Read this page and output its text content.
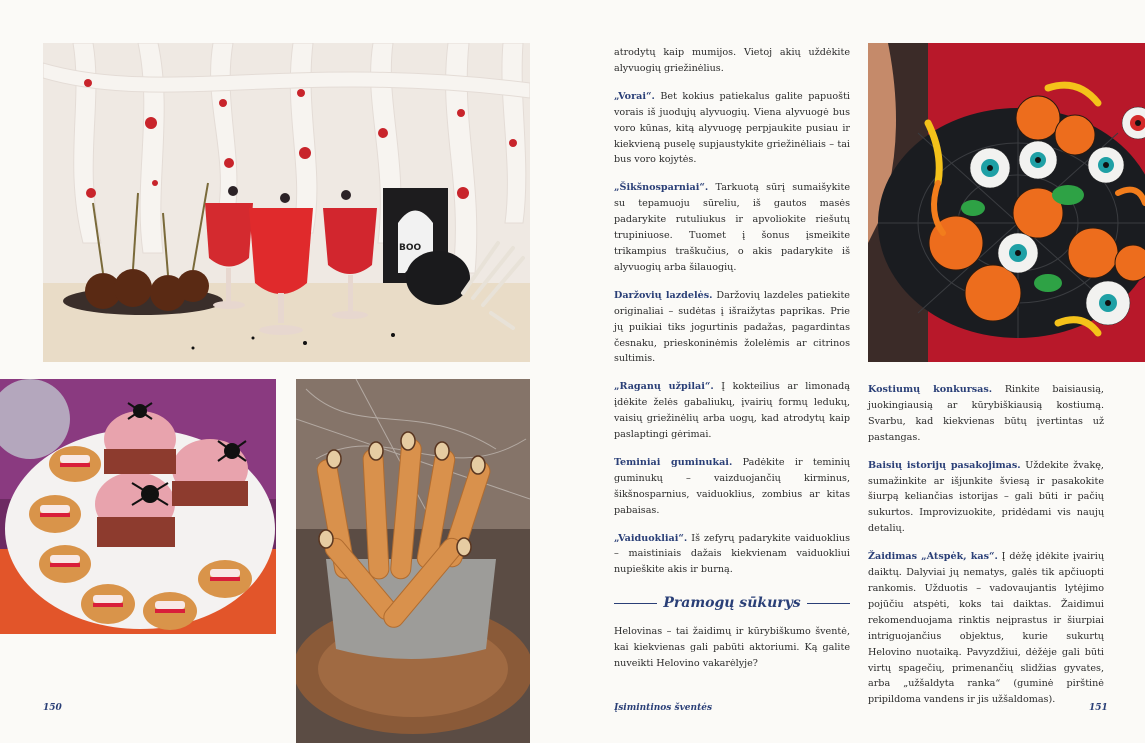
BOO

atrodytų kaip mumijos. Vietoj akių uždėkite alyvuogių griežinėlius.

„Vorai“. Bet kokius patiekalus galite papuošti vorais iš juodųjų alyvuogių. Viena alyvuogė bus voro kūnas, kitą alyvuogę perpjaukite pusiau ir kiekvieną puselę supjaustykite griežinėliais – tai bus voro kojytės.

„Šikšnosparniai“. Tarkuotą sūrį sumaišykite su tepamuoju sūreliu, iš gautos masės padarykite rutuliukus ir apvoliokite riešutų trupiniuose. Tuomet į šonus įsmeikite trikampius traškučius, o akis padarykite iš alyvuogių arba šilauogių.

Daržovių lazdelės. Daržovių lazdeles patiekite originaliai – sudėtas į išraižytas paprikas. Prie jų puikiai tiks jogurtinis padažas, pagardintas česnaku, prieskoninėmis žolelėmis ar citrinos sultimis.

„Raganų užpilai“. Į kokteilius ar limonadą įdėkite želės gabaliukų, įvairių formų ledukų, vaisių griežinėlių arba uogų, kad atrodytų kaip paslaptingi gėrimai.

Teminiai guminukai. Padėkite ir teminių guminukų – vaizduojančių kirminus, šikšnosparnius, vaiduoklius, zombius ar kitas pabaisas.

„Vaiduokliai“. Iš zefyrų padarykite vaiduoklius – maistiniais dažais kiekvienam vaiduokliui nupieškite akis ir burną.

Pramogų sūkurys

Helovinas – tai žaidimų ir kūrybiškumo šventė, kai kiekvienas gali pabūti aktoriumi. Ką galite nuveikti Helovino vakarėlyje?

Kostiumų konkursas. Rinkite baisiausią, juokingiausią ar kūrybiškiausią kostiumą. Svarbu, kad kiekvienas būtų įvertintas už pastangas.

Baisių istorijų pasakojimas. Uždekite žvakę, sumažinkite ar išjunkite šviesą ir pasakokite šiurpą keliančias istorijas – gali būti ir pačių sukurtos. Improvizuokite, pridėdami vis naujų detalių.

Žaidimas „Atspėk, kas“. Į dėžę įdėkite įvairių daiktų. Dalyviai jų nematys, galės tik apčiuopti rankomis. Užduotis – vadovaujantis lytėjimo pojūčiu atspėti, koks tai daiktas. Žaidimui rekomenduojama rinktis neįprastus ir šiurpiai intriguojančius objektus, kurie sukurtų Helovino nuotaiką. Pavyzdžiui, dėžėje gali būti virtų spagečių, primenančių slidžias gyvates, arba „užšaldyta ranka“ (guminė pirštinė pripildoma vandens ir jis užšaldomas).

150	Įsimintinos šventės	151
